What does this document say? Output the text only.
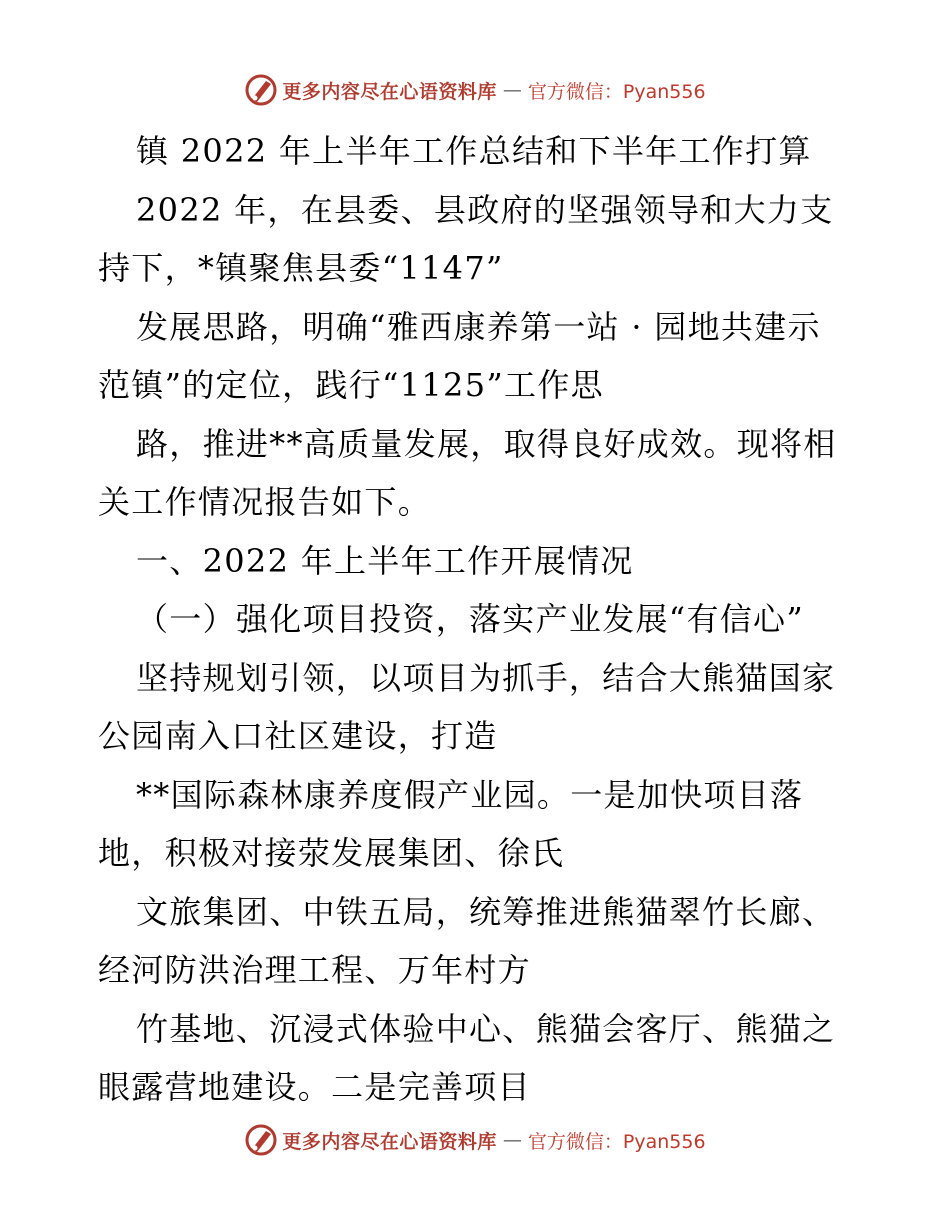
更多内容尽在心语资料库 — 官方微信：Pyan556
镇 2022 年上半年工作总结和下半年工作打算
2022 年，在县委、县政府的坚强领导和大力支
持下，*镇聚焦县委“1147”
发展思路，明确“雅西康养第一站 · 园地共建示
范镇”的定位，践行“1125”工作思
路，推进**高质量发展，取得良好成效。现将相
关工作情况报告如下。
一、2022 年上半年工作开展情况
（一）强化项目投资，落实产业发展“有信心”
坚持规划引领，以项目为抓手，结合大熊猫国家
公园南入口社区建设，打造
**国际森林康养度假产业园。一是加快项目落
地，积极对接荥发展集团、徐氏
文旅集团、中铁五局，统筹推进熊猫翠竹长廊、
经河防洪治理工程、万年村方
竹基地、沉浸式体验中心、熊猫会客厅、熊猫之
眼露营地建设。二是完善项目
更多内容尽在心语资料库 — 官方微信：Pyan556
